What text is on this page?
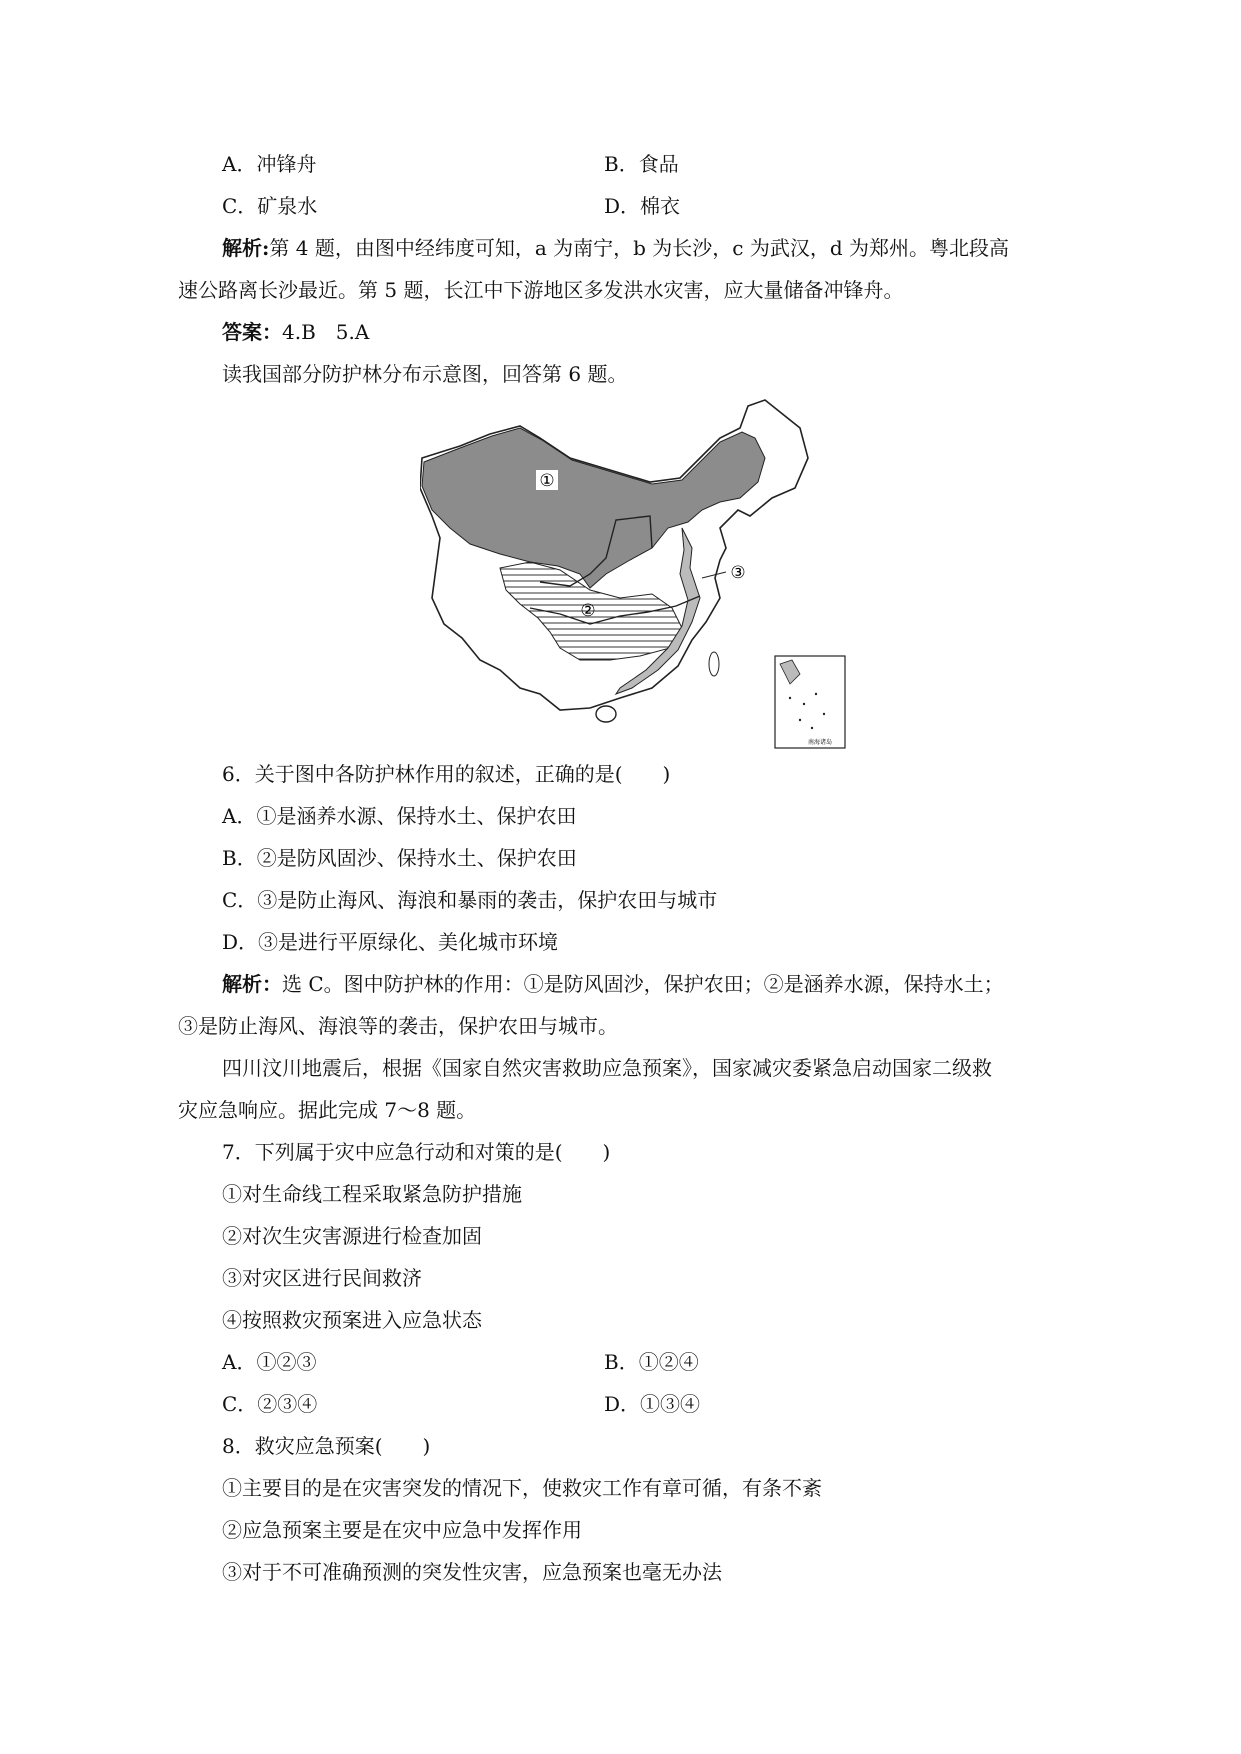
A．冲锋舟	B．食品
C．矿泉水	D．棉衣
解析:第 4 题，由图中经纬度可知，a 为南宁，b 为长沙，c 为武汉，d 为郑州。粤北段高
速公路离长沙最近。第 5 题，长江中下游地区多发洪水灾害，应大量储备冲锋舟。
答案：4.B　5.A
读我国部分防护林分布示意图，回答第 6 题。
南海诸岛
①
②
③
6．关于图中各防护林作用的叙述，正确的是( )
A．①是涵养水源、保持水土、保护农田
B．②是防风固沙、保持水土、保护农田
C．③是防止海风、海浪和暴雨的袭击，保护农田与城市
D．③是进行平原绿化、美化城市环境
解析：选 C。图中防护林的作用：①是防风固沙，保护农田；②是涵养水源，保持水土；
③是防止海风、海浪等的袭击，保护农田与城市。
四川汶川地震后，根据《国家自然灾害救助应急预案》，国家减灾委紧急启动国家二级救
灾应急响应。据此完成 7～8 题。
7．下列属于灾中应急行动和对策的是( )
①对生命线工程采取紧急防护措施
②对次生灾害源进行检查加固
③对灾区进行民间救济
④按照救灾预案进入应急状态
A．①②③	B．①②④
C．②③④	D．①③④
8．救灾应急预案( )
①主要目的是在灾害突发的情况下，使救灾工作有章可循，有条不紊
②应急预案主要是在灾中应急中发挥作用
③对于不可准确预测的突发性灾害，应急预案也毫无办法
